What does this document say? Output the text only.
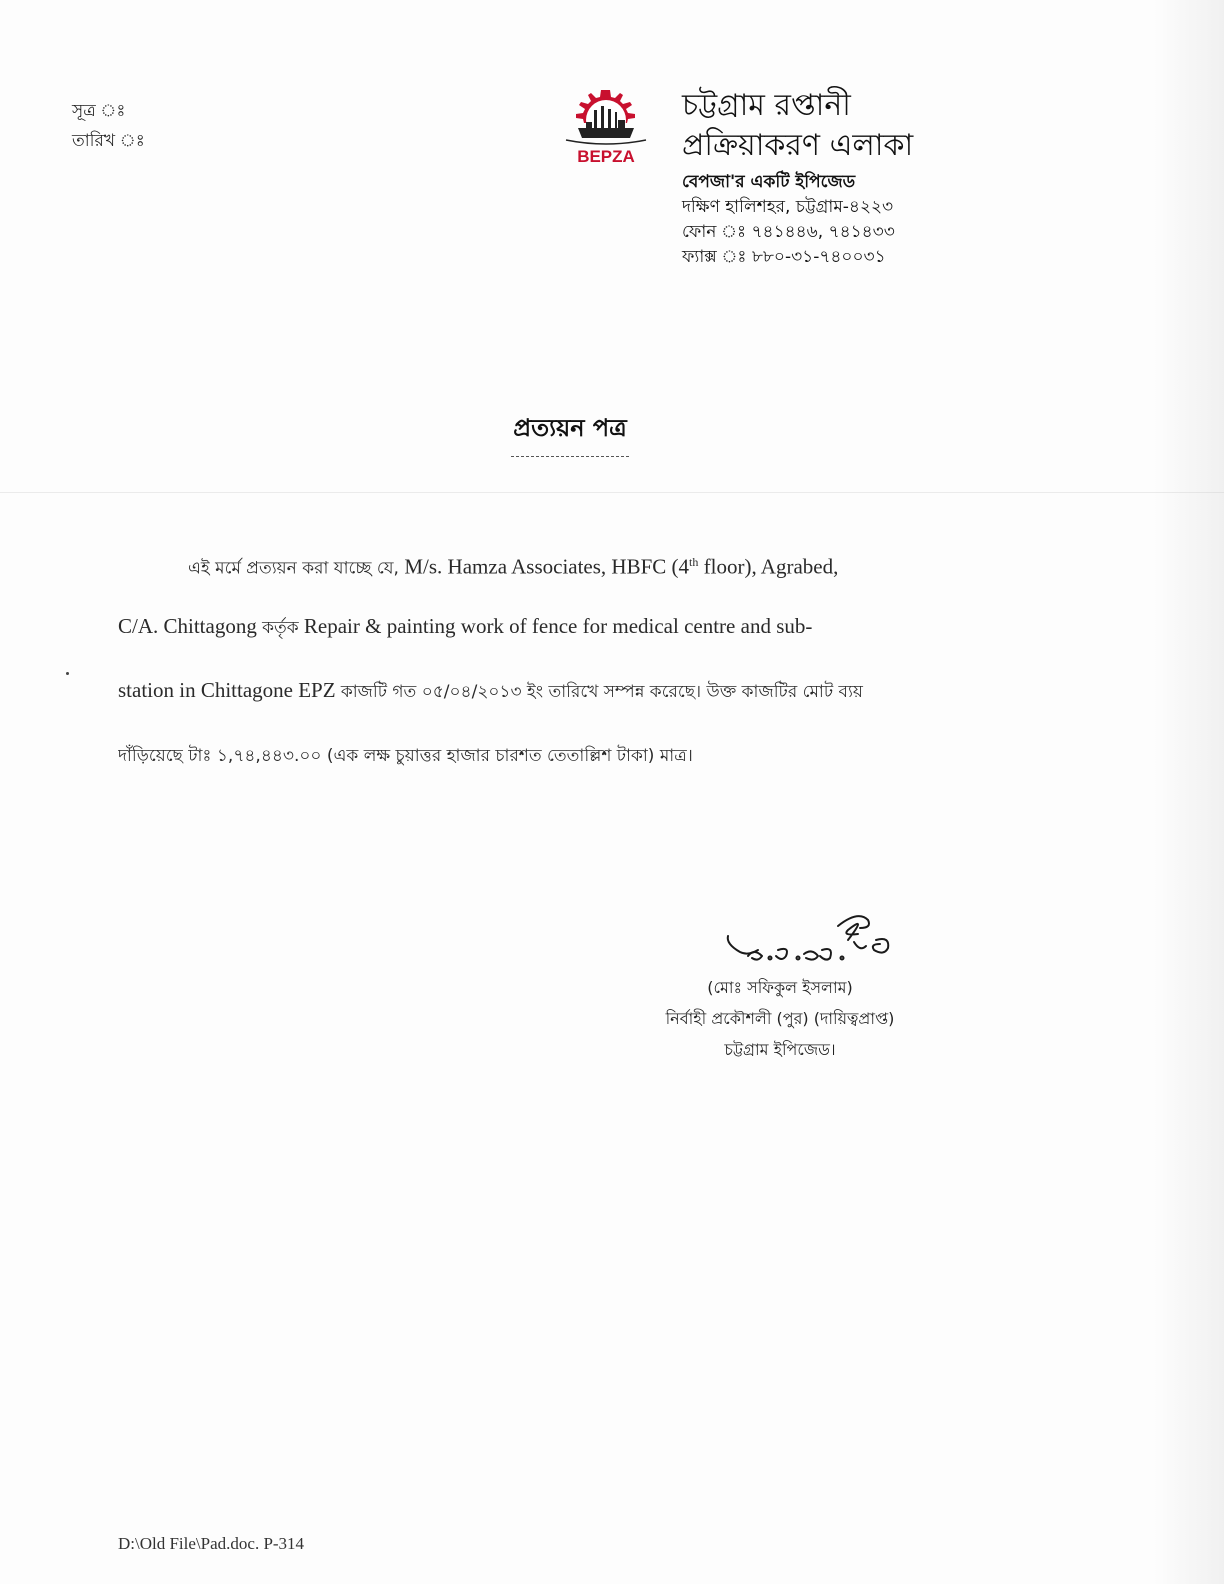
সূত্র ঃ
তারিখ ঃ
BEPZA
চট্টগ্রাম রপ্তানী
প্রক্রিয়াকরণ এলাকা
বেপজা'র একটি ইপিজেড
দক্ষিণ হালিশহর, চট্টগ্রাম-৪২২৩
ফোন ঃ ৭৪১৪৪৬, ৭৪১৪৩৩
ফ্যাক্স ঃ ৮৮০-৩১-৭৪০০৩১
প্রত্যয়ন পত্র
এই মর্মে প্রত্যয়ন করা যাচ্ছে যে, M/s. Hamza Associates, HBFC (4th floor), Agrabed,
C/A. Chittagong কর্তৃক Repair & painting work of fence for medical centre and sub-
station in Chittagone EPZ কাজটি গত ০৫/০৪/২০১৩ ইং তারিখে সম্পন্ন করেছে। উক্ত কাজটির মোট ব্যয়
দাঁড়িয়েছে টাঃ ১,৭৪,৪৪৩.০০ (এক লক্ষ চুয়াত্তর হাজার চারশত তেতাল্লিশ টাকা) মাত্র।
(মোঃ সফিকুল ইসলাম)
নির্বাহী প্রকৌশলী (পুর) (দায়িত্বপ্রাপ্ত)
চট্টগ্রাম ইপিজেড।
D:\Old File\Pad.doc. P-314
